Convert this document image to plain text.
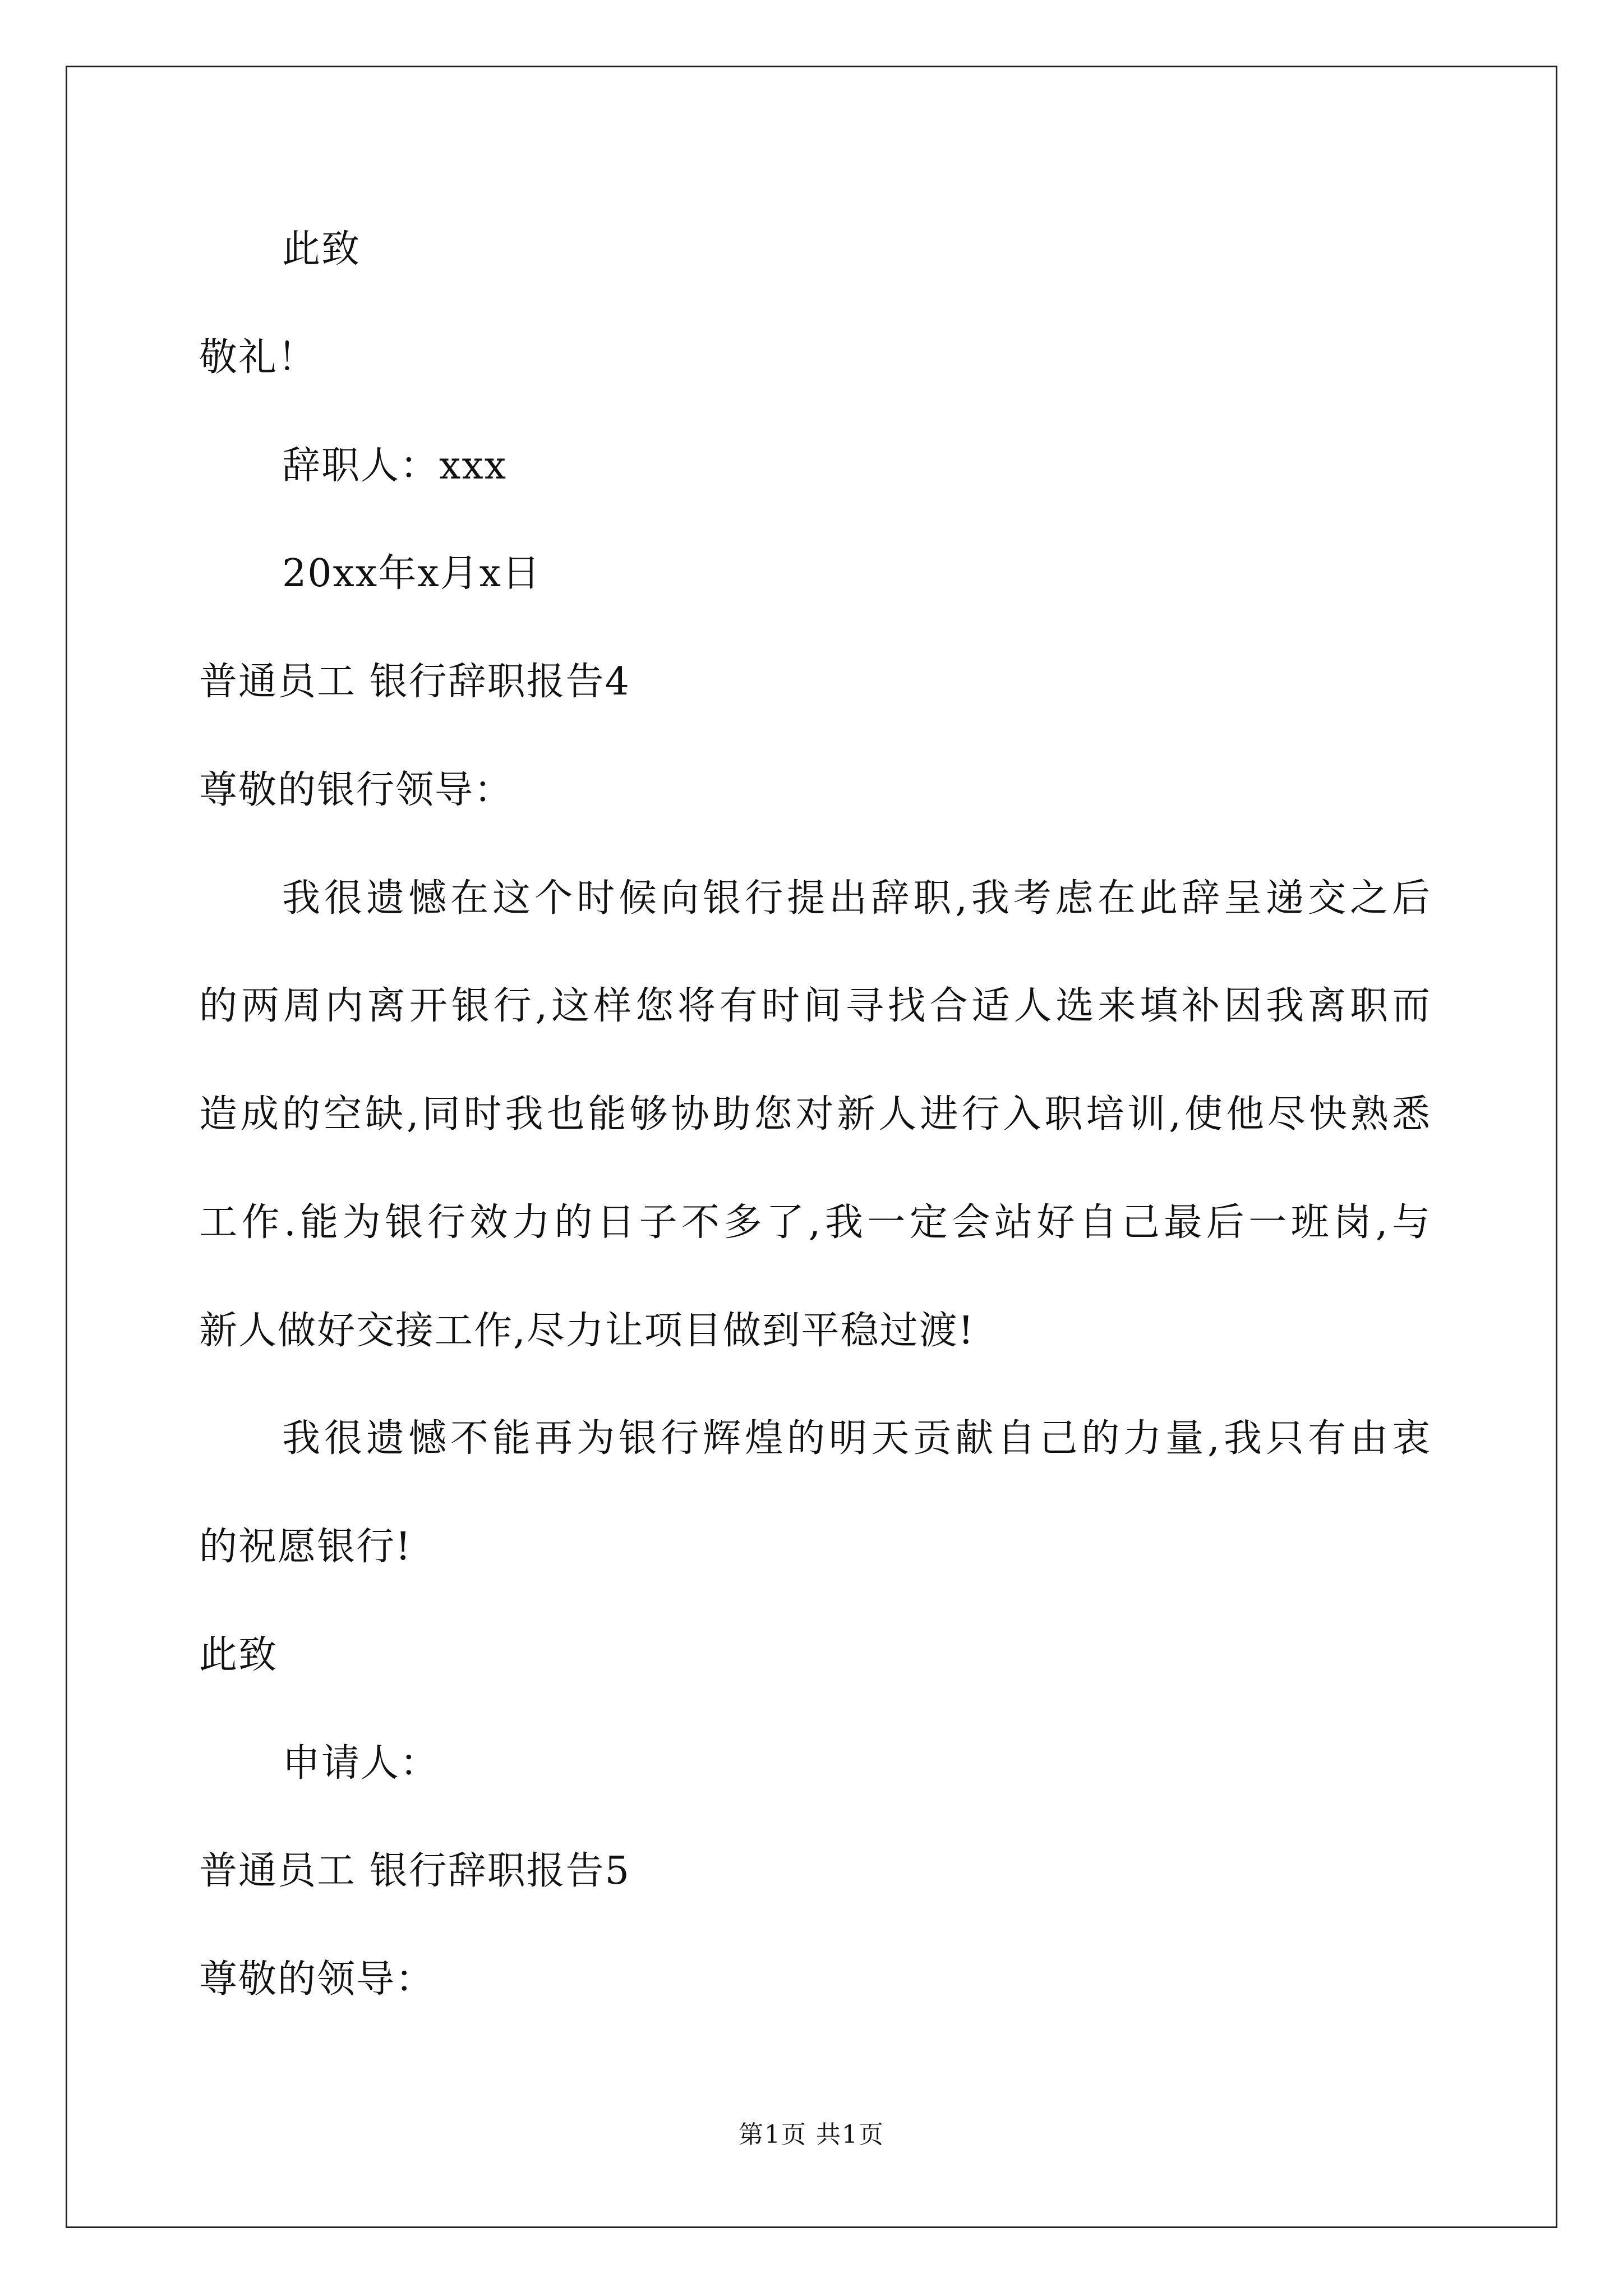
此致
敬礼！
辞职人：xxx
20xx年x月x日
普通员工 银行辞职报告4
尊敬的银行领导：
我很遗憾在这个时候向银行提出辞职,我考虑在此辞呈递交之后
的两周内离开银行,这样您将有时间寻找合适人选来填补因我离职而
造成的空缺,同时我也能够协助您对新人进行入职培训,使他尽快熟悉
工作.能为银行效力的日子不多了,我一定会站好自己最后一班岗,与
新人做好交接工作,尽力让项目做到平稳过渡!
我很遗憾不能再为银行辉煌的明天贡献自己的力量,我只有由衷
的祝愿银行!
此致
申请人：
普通员工 银行辞职报告5
尊敬的领导：
第1页 共1页
